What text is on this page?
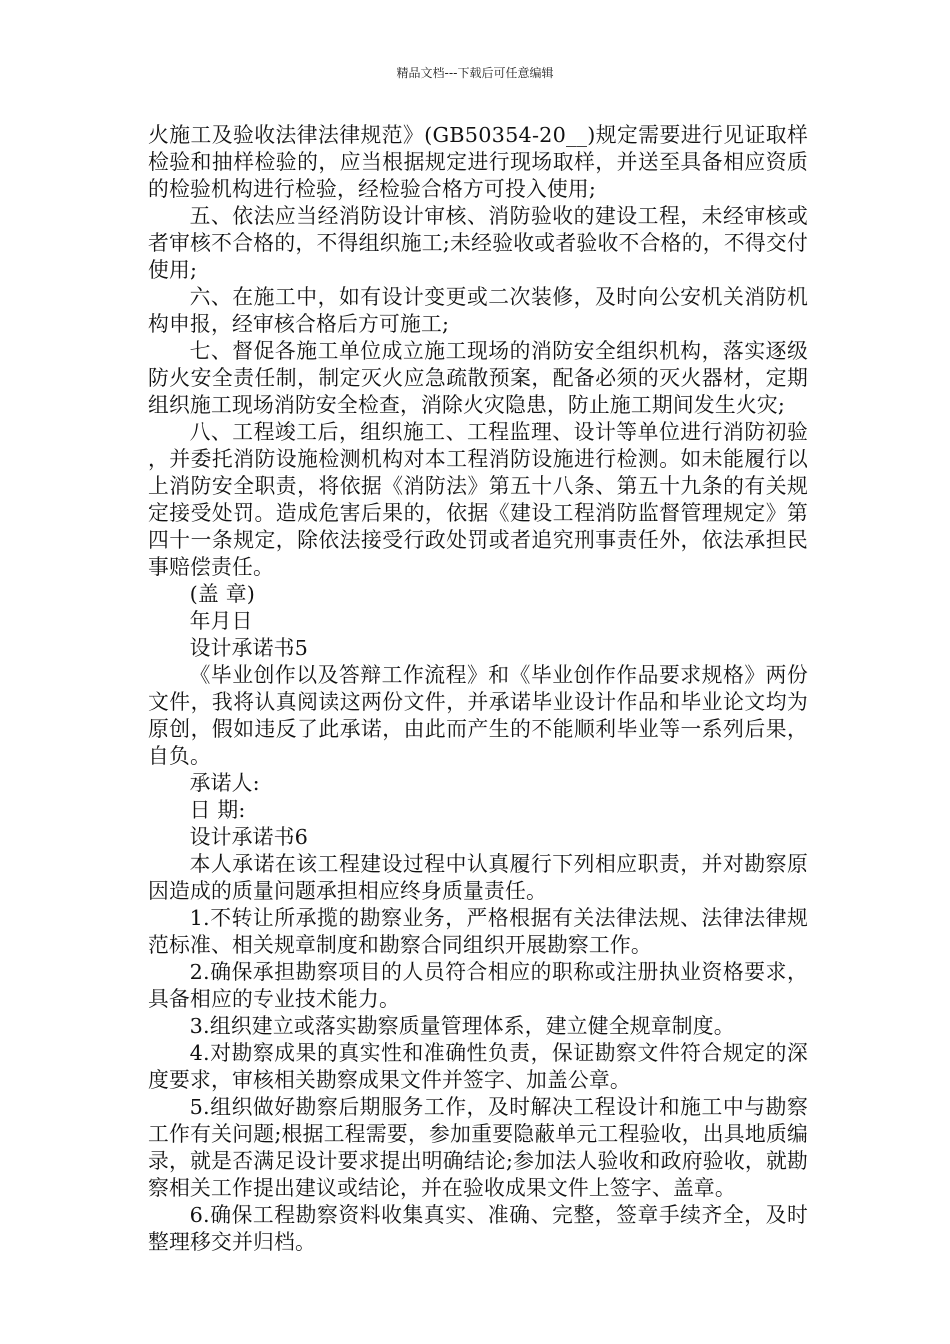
精品文档---下载后可任意编辑

火施工及验收法律法律规范》(GB50354-20__)规定需要进行见证取样检验和抽样检验的，应当根据规定进行现场取样，并送至具备相应资质的检验机构进行检验，经检验合格方可投入使用;

五、依法应当经消防设计审核、消防验收的建设工程，未经审核或者审核不合格的，不得组织施工;未经验收或者验收不合格的，不得交付使用;

六、在施工中，如有设计变更或二次装修，及时向公安机关消防机构申报，经审核合格后方可施工;

七、督促各施工单位成立施工现场的消防安全组织机构，落实逐级防火安全责任制，制定灭火应急疏散预案，配备必须的灭火器材，定期组织施工现场消防安全检查，消除火灾隐患，防止施工期间发生火灾;

八、工程竣工后，组织施工、工程监理、设计等单位进行消防初验，并委托消防设施检测机构对本工程消防设施进行检测。如未能履行以上消防安全职责，将依据《消防法》第五十八条、第五十九条的有关规定接受处罚。造成危害后果的，依据《建设工程消防监督管理规定》第四十一条规定，除依法接受行政处罚或者追究刑事责任外，依法承担民事赔偿责任。

(盖 章)

年月日

设计承诺书5

《毕业创作以及答辩工作流程》和《毕业创作作品要求规格》两份文件，我将认真阅读这两份文件，并承诺毕业设计作品和毕业论文均为原创，假如违反了此承诺，由此而产生的不能顺利毕业等一系列后果，自负。

承诺人:

日 期:

设计承诺书6

本人承诺在该工程建设过程中认真履行下列相应职责，并对勘察原因造成的质量问题承担相应终身质量责任。

1.不转让所承揽的勘察业务，严格根据有关法律法规、法律法律规范标准、相关规章制度和勘察合同组织开展勘察工作。

2.确保承担勘察项目的人员符合相应的职称或注册执业资格要求，具备相应的专业技术能力。

3.组织建立或落实勘察质量管理体系，建立健全规章制度。

4.对勘察成果的真实性和准确性负责，保证勘察文件符合规定的深度要求，审核相关勘察成果文件并签字、加盖公章。

5.组织做好勘察后期服务工作，及时解决工程设计和施工中与勘察工作有关问题;根据工程需要，参加重要隐蔽单元工程验收，出具地质编录，就是否满足设计要求提出明确结论;参加法人验收和政府验收，就勘察相关工作提出建议或结论，并在验收成果文件上签字、盖章。

6.确保工程勘察资料收集真实、准确、完整，签章手续齐全，及时整理移交并归档。
